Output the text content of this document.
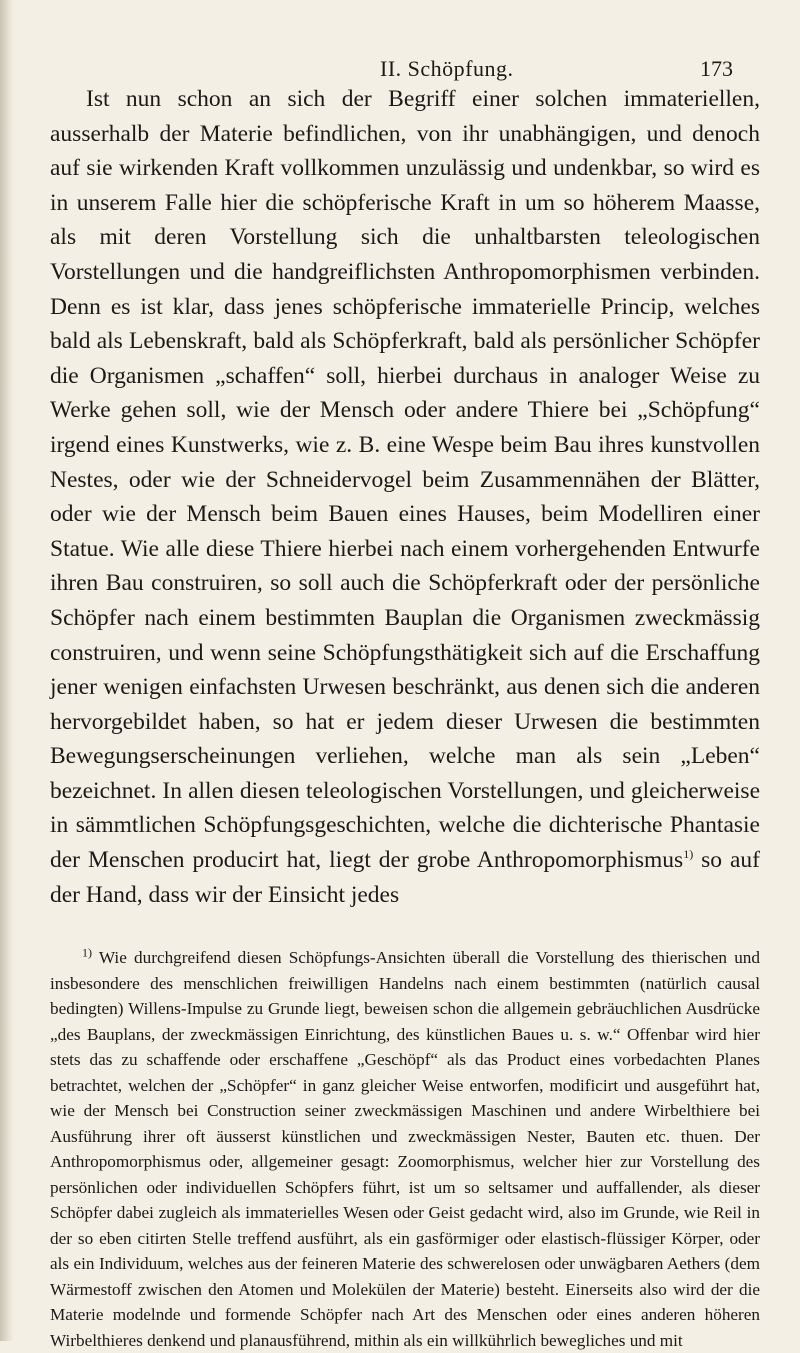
II. Schöpfung.	173

Ist nun schon an sich der Begriff einer solchen immateriellen, ausserhalb der Materie befindlichen, von ihr unabhängigen, und denoch auf sie wirkenden Kraft vollkommen unzulässig und undenkbar, so wird es in unserem Falle hier die schöpferische Kraft in um so höherem Maasse, als mit deren Vorstellung sich die unhaltbarsten teleologischen Vorstellungen und die handgreiflichsten Anthropomorphismen verbinden. Denn es ist klar, dass jenes schöpferische immaterielle Princip, welches bald als Lebenskraft, bald als Schöpferkraft, bald als persönlicher Schöpfer die Organismen „schaffen“ soll, hierbei durchaus in analoger Weise zu Werke gehen soll, wie der Mensch oder andere Thiere bei „Schöpfung“ irgend eines Kunstwerks, wie z. B. eine Wespe beim Bau ihres kunstvollen Nestes, oder wie der Schneidervogel beim Zusammennähen der Blätter, oder wie der Mensch beim Bauen eines Hauses, beim Modelliren einer Statue. Wie alle diese Thiere hierbei nach einem vorhergehenden Entwurfe ihren Bau construiren, so soll auch die Schöpferkraft oder der persönliche Schöpfer nach einem bestimmten Bauplan die Organismen zweckmässig construiren, und wenn seine Schöpfungsthätigkeit sich auf die Erschaffung jener wenigen einfachsten Urwesen beschränkt, aus denen sich die anderen hervorgebildet haben, so hat er jedem dieser Urwesen die bestimmten Bewegungserscheinungen verliehen, welche man als sein „Leben“ bezeichnet. In allen diesen teleologischen Vorstellungen, und gleicherweise in sämmtlichen Schöpfungsgeschichten, welche die dichterische Phantasie der Menschen producirt hat, liegt der grobe Anthropomorphismus$^{1)}$ so auf der Hand, dass wir der Einsicht jedes

$^{1)}$ Wie durchgreifend diesen Schöpfungs-Ansichten überall die Vorstellung des thierischen und insbesondere des menschlichen freiwilligen Handelns nach einem bestimmten (natürlich causal bedingten) Willens-Impulse zu Grunde liegt, beweisen schon die allgemein gebräuchlichen Ausdrücke „des Bauplans, der zweckmässigen Einrichtung, des künstlichen Baues u. s. w.“ Offenbar wird hier stets das zu schaffende oder erschaffene „Geschöpf“ als das Product eines vorbedachten Planes betrachtet, welchen der „Schöpfer“ in ganz gleicher Weise entworfen, modificirt und ausgeführt hat, wie der Mensch bei Construction seiner zweckmässigen Maschinen und andere Wirbelthiere bei Ausführung ihrer oft äusserst künstlichen und zweckmässigen Nester, Bauten etc. thuen. Der Anthropomorphismus oder, allgemeiner gesagt: Zoomorphismus, welcher hier zur Vorstellung des persönlichen oder individuellen Schöpfers führt, ist um so seltsamer und auffallender, als dieser Schöpfer dabei zugleich als immaterielles Wesen oder Geist gedacht wird, also im Grunde, wie Reil in der so eben citirten Stelle treffend ausführt, als ein gasförmiger oder elastisch-flüssiger Körper, oder als ein Individuum, welches aus der feineren Materie des schwerelosen oder unwägbaren Aethers (dem Wärmestoff zwischen den Atomen und Molekülen der Materie) besteht. Einerseits also wird der die Materie modelnde und formende Schöpfer nach Art des Menschen oder eines anderen höheren Wirbelthieres denkend und planausführend, mithin als ein willkührlich bewegliches und mit
